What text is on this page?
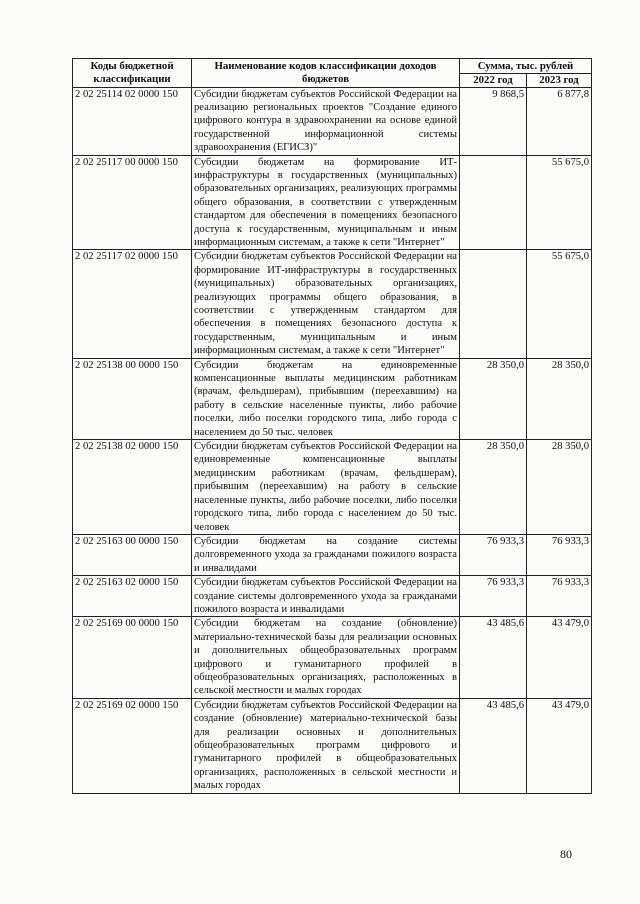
Коды бюджетной классификации	Наименование кодов классификации доходов бюджетов	Сумма, тыс. рублей	
		2022 год	2023 год
2 02 25114 02 0000 150	Субсидии бюджетам субъектов Российской Федерации на реализацию региональных проектов "Создание единого цифрового контура в здравоохранении на основе единой государственной информационной системы здравоохранения (ЕГИСЗ)"	9 868,5	6 877,8
2 02 25117 00 0000 150	Субсидии бюджетам на формирование ИТ-инфраструктуры в государственных (муниципальных) образовательных организациях, реализующих программы общего образования, в соответствии с утвержденным стандартом для обеспечения в помещениях безопасного доступа к государственным, муниципальным и иным информационным системам, а также к сети "Интернет"		55 675,0
2 02 25117 02 0000 150	Субсидии бюджетам субъектов Российской Федерации на формирование ИТ-инфраструктуры в государственных (муниципальных) образовательных организациях, реализующих программы общего образования, в соответствии с утвержденным стандартом для обеспечения в помещениях безопасного доступа к государственным, муниципальным и иным информационным системам, а также к сети "Интернет"		55 675,0
2 02 25138 00 0000 150	Субсидии бюджетам на единовременные компенсационные выплаты медицинским работникам (врачам, фельдшерам), прибывшим (переехавшим) на работу в сельские населенные пункты, либо рабочие поселки, либо поселки городского типа, либо города с населением до 50 тыс. человек	28 350,0	28 350,0
2 02 25138 02 0000 150	Субсидии бюджетам субъектов Российской Федерации на единовременные компенсационные выплаты медицинским работникам (врачам, фельдшерам), прибывшим (переехавшим) на работу в сельские населенные пункты, либо рабочие поселки, либо поселки городского типа, либо города с населением до 50 тыс. человек	28 350,0	28 350,0
2 02 25163 00 0000 150	Субсидии бюджетам на создание системы долговременного ухода за гражданами пожилого возраста и инвалидами	76 933,3	76 933,3
2 02 25163 02 0000 150	Субсидии бюджетам субъектов Российской Федерации на создание системы долговременного ухода за гражданами пожилого возраста и инвалидами	76 933,3	76 933,3
2 02 25169 00 0000 150	Субсидии бюджетам на создание (обновление) материально-технической базы для реализации основных и дополнительных общеобразовательных программ цифрового и гуманитарного профилей в общеобразовательных организациях, расположенных в сельской местности и малых городах	43 485,6	43 479,0
2 02 25169 02 0000 150	Субсидии бюджетам субъектов Российской Федерации на создание (обновление) материально-технической базы для реализации основных и дополнительных общеобразовательных программ цифрового и гуманитарного профилей в общеобразовательных организациях, расположенных в сельской местности и малых городах	43 485,6	43 479,0
80
